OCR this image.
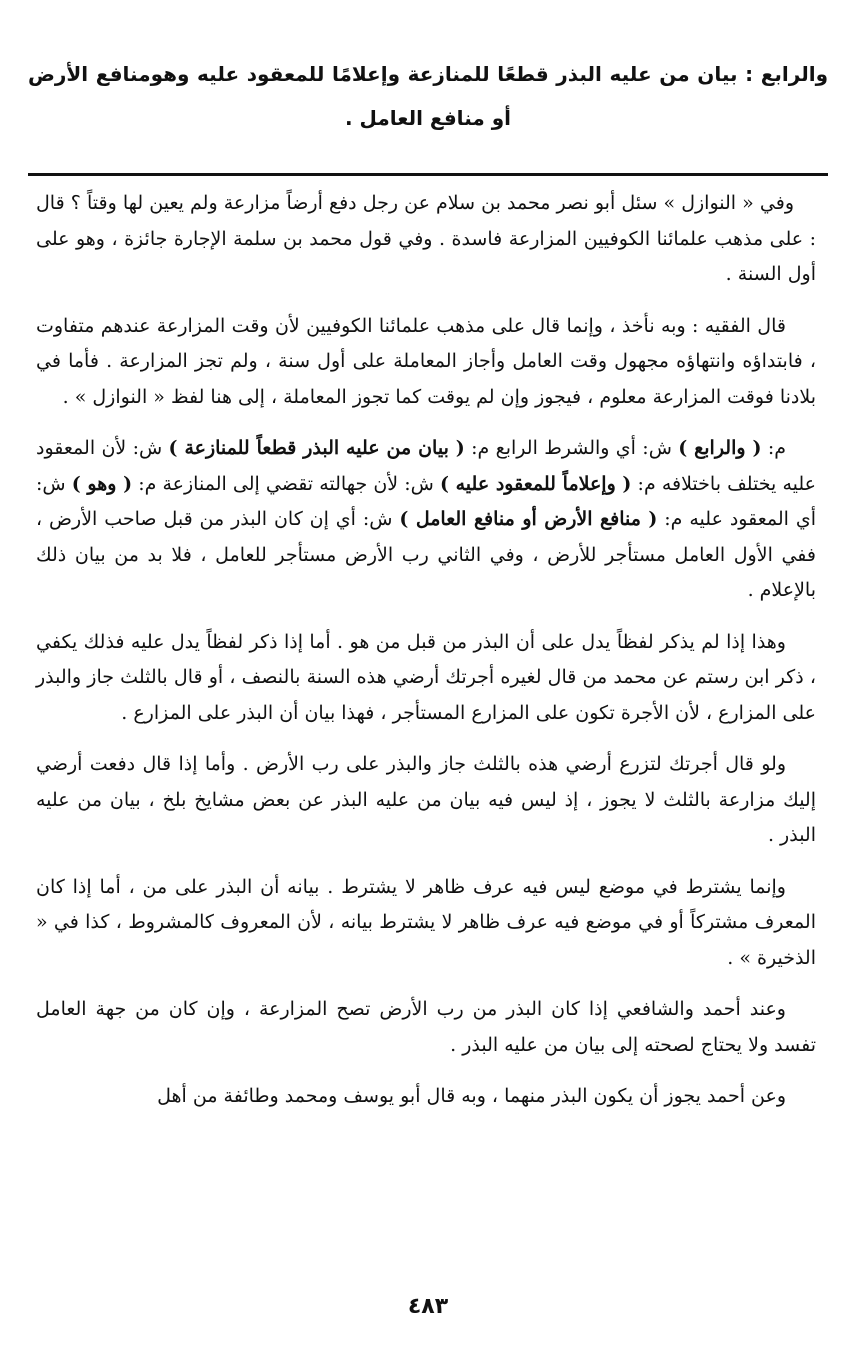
والرابع : بيان من عليه البذر قطعًا للمنازعة وإعلامًا للمعقود عليه وهومنافع الأرض أو منافع العامل .

وفي « النوازل » سئل أبو نصر محمد بن سلام عن رجل دفع أرضاً مزارعة ولم يعين لها وقتاً ؟ قال : على مذهب علمائنا الكوفيين المزارعة فاسدة . وفي قول محمد بن سلمة الإجارة جائزة ، وهو على أول السنة .

قال الفقيه : وبه نأخذ ، وإنما قال على مذهب علمائنا الكوفيين لأن وقت المزارعة عندهم متفاوت ، فابتداؤه وانتهاؤه مجهول وقت العامل وأجاز المعاملة على أول سنة ، ولم تجز المزارعة . فأما في بلادنا فوقت المزارعة معلوم ، فيجوز وإن لم يوقت كما تجوز المعاملة ، إلى هنا لفظ « النوازل » .

م: ( والرابع ) ش: أي والشرط الرابع م: ( بيان من عليه البذر قطعاً للمنازعة ) ش: لأن المعقود عليه يختلف باختلافه م: ( وإعلاماً للمعقود عليه ) ش: لأن جهالته تقضي إلى المنازعة م: ( وهو ) ش: أي المعقود عليه م: ( منافع الأرض أو منافع العامل ) ش: أي إن كان البذر من قبل صاحب الأرض ، ففي الأول العامل مستأجر للأرض ، وفي الثاني رب الأرض مستأجر للعامل ، فلا بد من بيان ذلك بالإعلام .

وهذا إذا لم يذكر لفظاً يدل على أن البذر من قبل من هو . أما إذا ذكر لفظاً يدل عليه فذلك يكفي ، ذكر ابن رستم عن محمد من قال لغيره أجرتك أرضي هذه السنة بالنصف ، أو قال بالثلث جاز والبذر على المزارع ، لأن الأجرة تكون على المزارع المستأجر ، فهذا بيان أن البذر على المزارع .

ولو قال أجرتك لتزرع أرضي هذه بالثلث جاز والبذر على رب الأرض . وأما إذا قال دفعت أرضي إليك مزارعة بالثلث لا يجوز ، إذ ليس فيه بيان من عليه البذر عن بعض مشايخ بلخ ، بيان من عليه البذر .

وإنما يشترط في موضع ليس فيه عرف ظاهر لا يشترط . بيانه أن البذر على من ، أما إذا كان المعرف مشتركاً أو في موضع فيه عرف ظاهر لا يشترط بيانه ، لأن المعروف كالمشروط ، كذا في « الذخيرة » .

وعند أحمد والشافعي إذا كان البذر من رب الأرض تصح المزارعة ، وإن كان من جهة العامل تفسد ولا يحتاج لصحته إلى بيان من عليه البذر .

وعن أحمد يجوز أن يكون البذر منهما ، وبه قال أبو يوسف ومحمد وطائفة من أهل

٤٨٣
